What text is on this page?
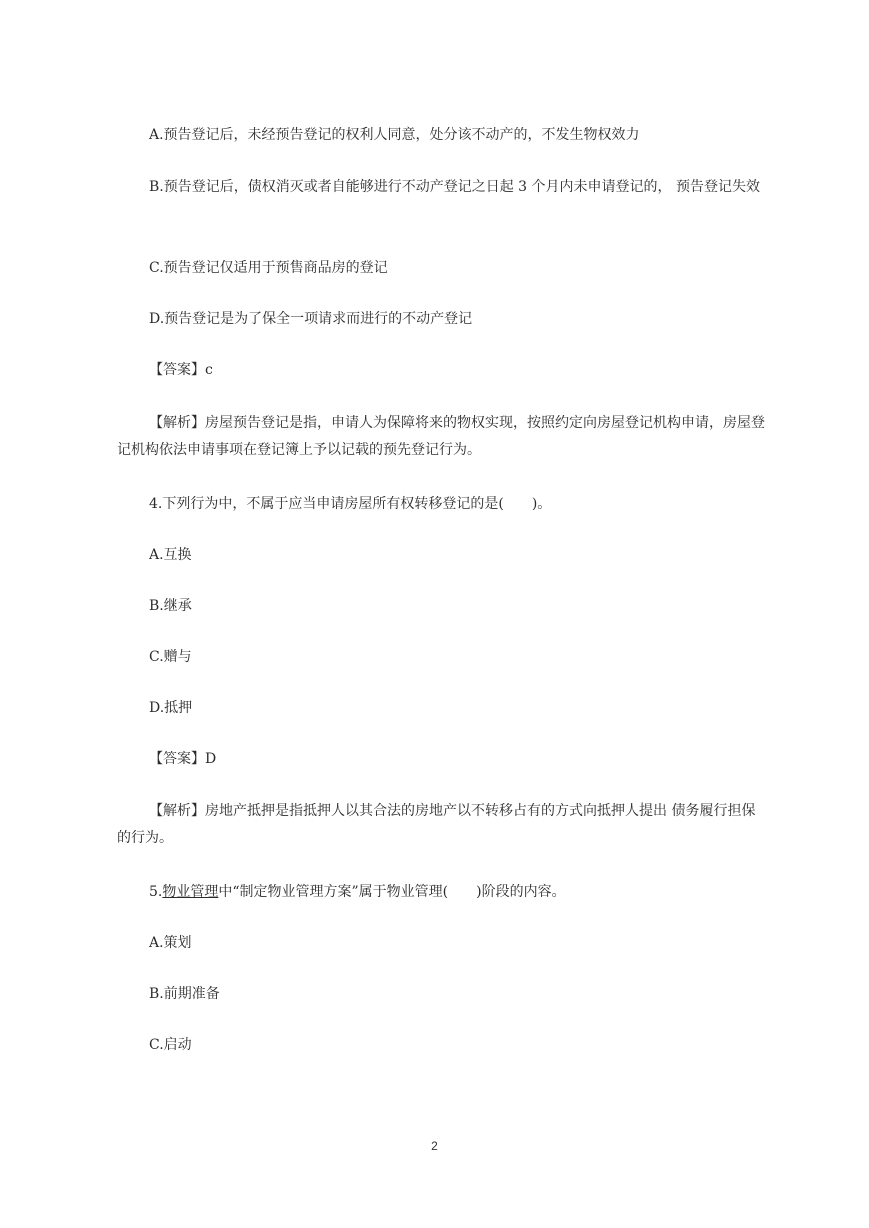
A.预告登记后，未经预告登记的权利人同意，处分该不动产的，不发生物权效力
B.预告登记后，债权消灭或者自能够进行不动产登记之日起 3 个月内未申请登记的， 预告登记失效
C.预告登记仅适用于预售商品房的登记
D.预告登记是为了保全一项请求而进行的不动产登记
【答案】c
【解析】房屋预告登记是指，申请人为保障将来的物权实现，按照约定向房屋登记机构申请，房屋登记机构依法申请事项在登记簿上予以记载的预先登记行为。
4.下列行为中，不属于应当申请房屋所有权转移登记的是(　　)。
A.互换
B.继承
C.赠与
D.抵押
【答案】D
【解析】房地产抵押是指抵押人以其合法的房地产以不转移占有的方式向抵押人提出 债务履行担保的行为。
5.物业管理中“制定物业管理方案”属于物业管理(　　)阶段的内容。
A.策划
B.前期准备
C.启动
2
